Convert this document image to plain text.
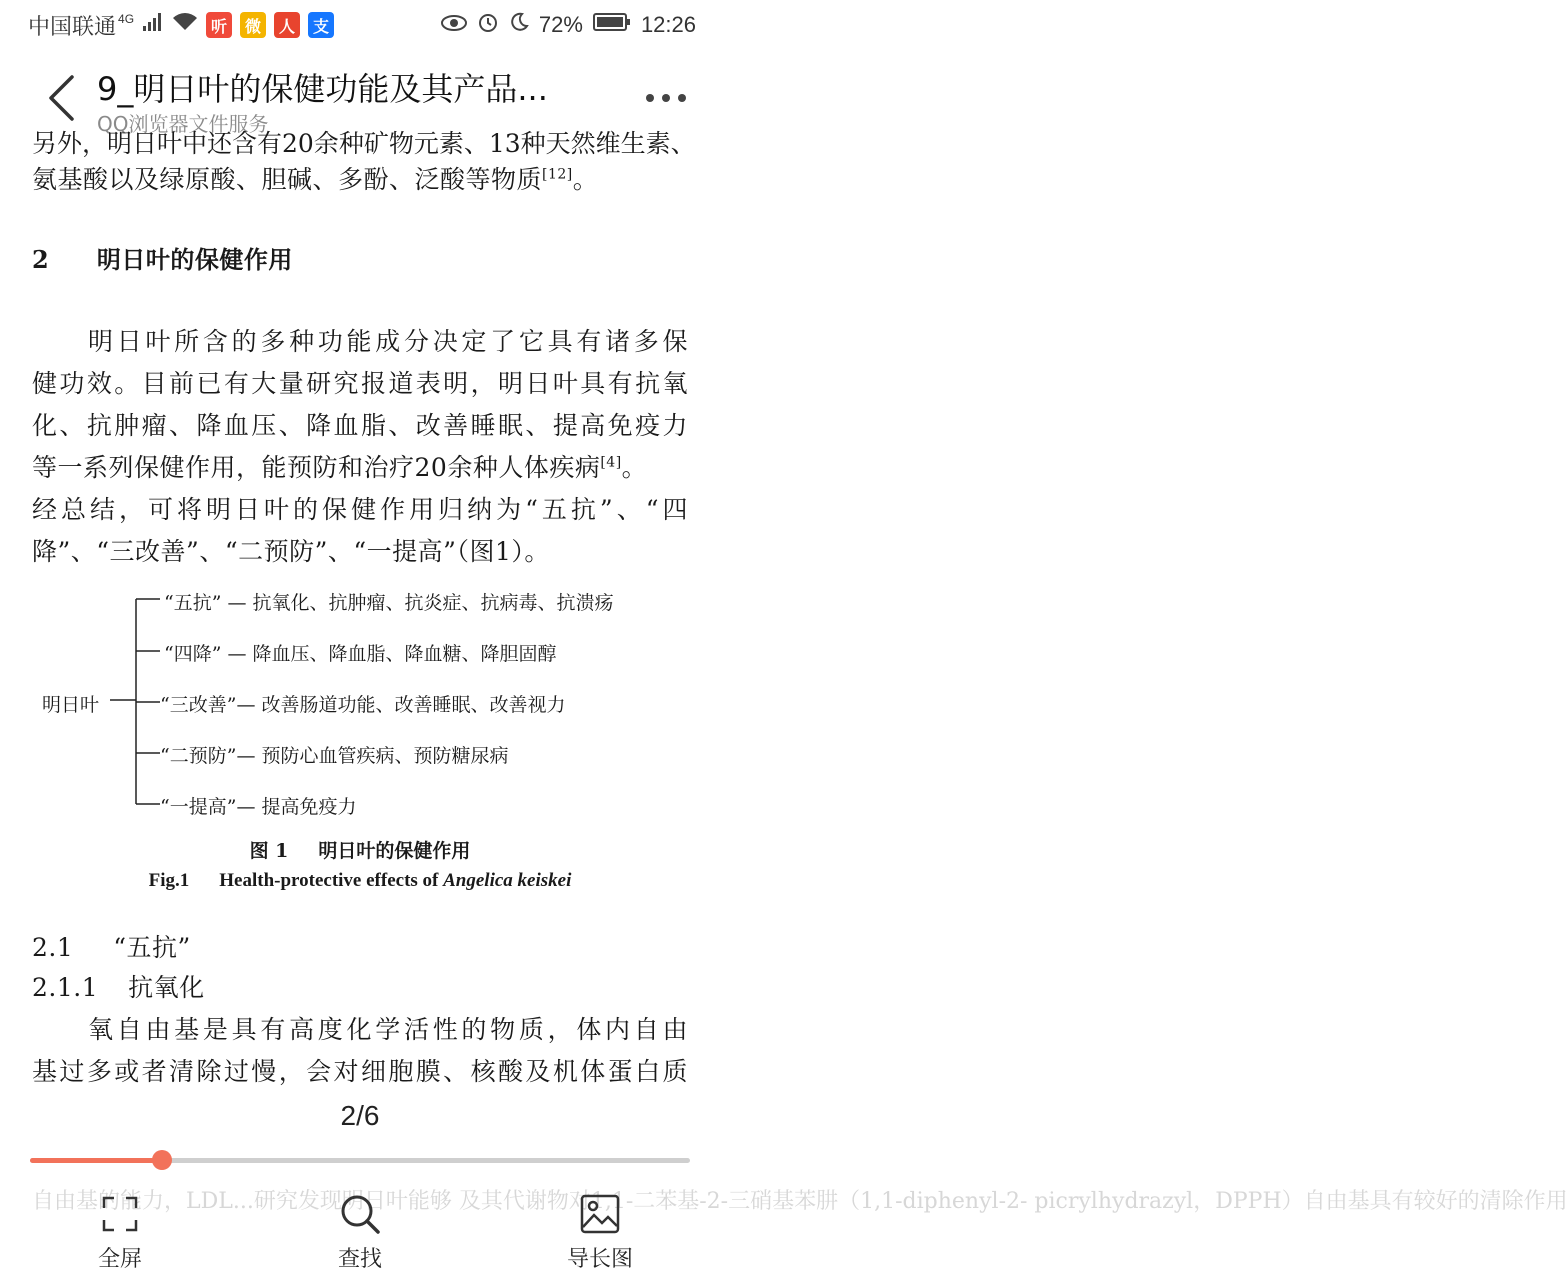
中国联通 4G	听	微	人	支	72%	12:26
9_明日叶的保健功能及其产品...
QQ浏览器文件服务
另外，明日叶中还含有20余种矿物元素、13种天然维生素、
氨基酸以及绿原酸、胆碱、多酚、泛酸等物质[12]。
2 明日叶的保健作用
明日叶所含的多种功能成分决定了它具有诸多保
健功效。目前已有大量研究报道表明，明日叶具有抗氧
化、抗肿瘤、降血压、降血脂、改善睡眠、提高免疫力
等一系列保健作用，能预防和治疗20余种人体疾病[4]。
经总结，可将明日叶的保健作用归纳为“五抗”、“四
降”、“三改善”、“二预防”、“一提高”（图1）。
明日叶
“五抗” — 抗氧化、抗肿瘤、抗炎症、抗病毒、抗溃疡
“四降” — 降血压、降血脂、降血糖、降胆固醇
“三改善”— 改善肠道功能、改善睡眠、改善视力
“二预防”— 预防心血管疾病、预防糖尿病
“一提高”— 提高免疫力
图 1 明日叶的保健作用
Fig.1 Health-protective effects of Angelica keiskei
2.1 “五抗”
2.1.1 抗氧化
氧自由基是具有高度化学活性的物质，体内自由
基过多或者清除过慢，会对细胞膜、核酸及机体蛋白质
2/6
自由基的能力，LDL...研究发现明日叶能够 及其代谢物对1,1-二苯基-2-三硝基苯肼（1,1-diphenyl-2- picrylhydrazyl，DPPH）自由基具有较好的清除作用
全屏	查找	导长图
